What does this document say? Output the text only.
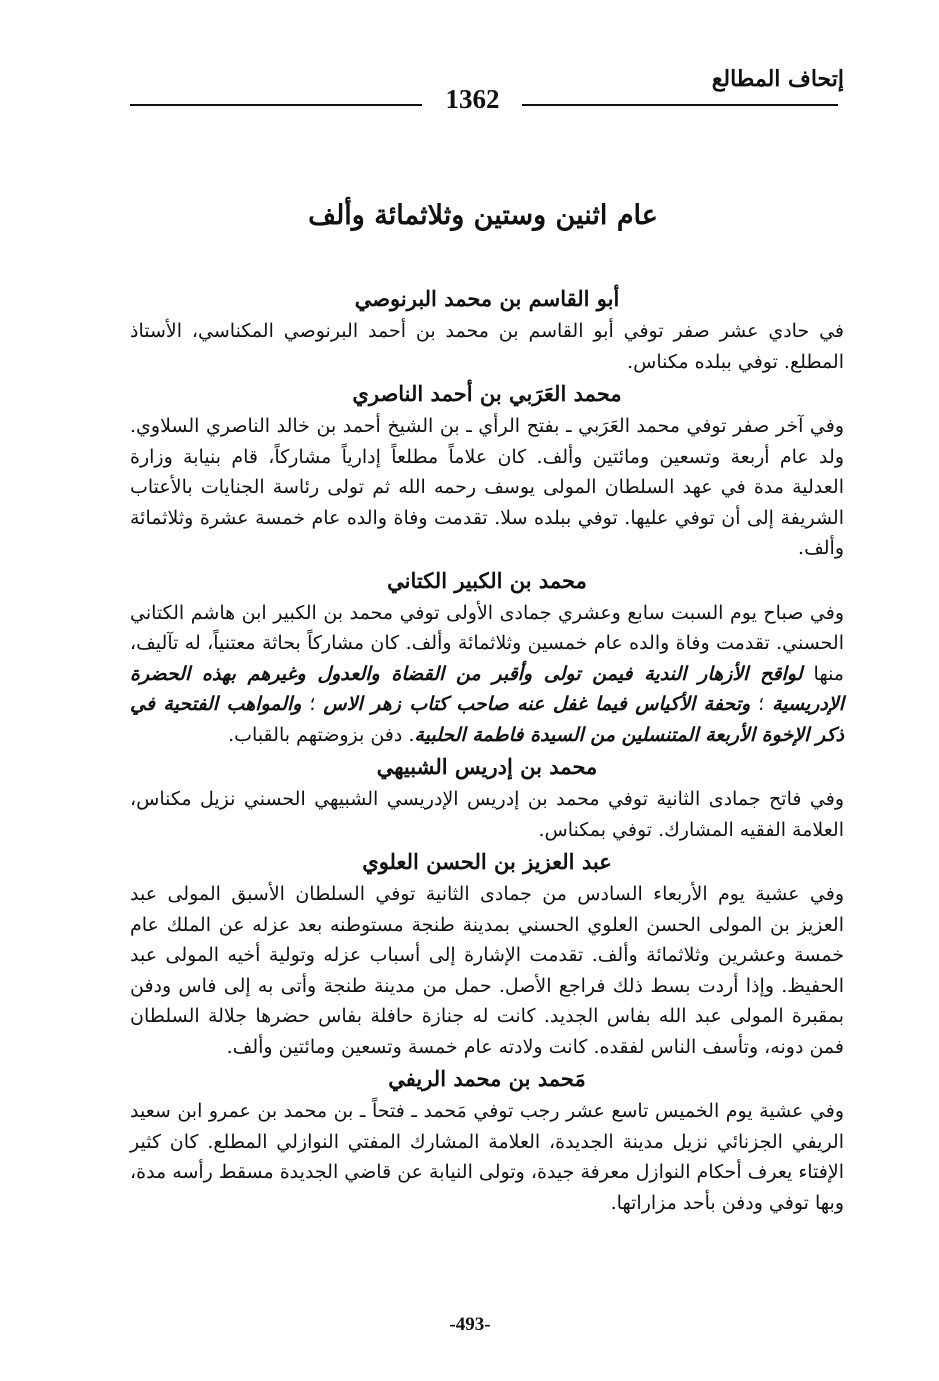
إتحاف المطالع
1362
عام اثنين وستين وثلاثمائة وألف

أبو القاسم بن محمد البرنوصي

في حادي عشر صفر توفي أبو القاسم بن محمد بن أحمد البرنوصي المكناسي، الأستاذ المطلع. توفي ببلده مكناس.

محمد العَرَبي بن أحمد الناصري

وفي آخر صفر توفي محمد العَرَبي ـ بفتح الرأي ـ بن الشيخ أحمد بن خالد الناصري السلاوي. ولد عام أربعة وتسعين ومائتين وألف. كان علاماً مطلعاً إدارياً مشاركاً، قام بنيابة وزارة العدلية مدة في عهد السلطان المولى يوسف رحمه الله ثم تولى رئاسة الجنايات بالأعتاب الشريفة إلى أن توفي عليها. توفي ببلده سلا. تقدمت وفاة والده عام خمسة عشرة وثلاثمائة وألف.

محمد بن الكبير الكتاني

وفي صباح يوم السبت سابع وعشري جمادى الأولى توفي محمد بن الكبير ابن هاشم الكتاني الحسني. تقدمت وفاة والده عام خمسين وثلاثمائة وألف. كان مشاركاً بحاثة معتنياً، له تآليف، منها لواقح الأزهار الندية فيمن تولى وأقبر من القضاة والعدول وغيرهم بهذه الحضرة الإدريسية ؛ وتحفة الأكياس فيما غفل عنه صاحب كتاب زهر الاس ؛ والمواهب الفتحية في ذكر الإخوة الأربعة المتنسلين من السيدة فاطمة الحلبية. دفن بزوضتهم بالقباب.

محمد بن إدريس الشبيهي

وفي فاتح جمادى الثانية توفي محمد بن إدريس الإدريسي الشبيهي الحسني نزيل مكناس، العلامة الفقيه المشارك. توفي بمكناس.

عبد العزيز بن الحسن العلوي

وفي عشية يوم الأربعاء السادس من جمادى الثانية توفي السلطان الأسبق المولى عبد العزيز بن المولى الحسن العلوي الحسني بمدينة طنجة مستوطنه بعد عزله عن الملك عام خمسة وعشرين وثلاثمائة وألف. تقدمت الإشارة إلى أسباب عزله وتولية أخيه المولى عبد الحفيظ. وإذا أردت بسط ذلك فراجع الأصل. حمل من مدينة طنجة وأتى به إلى فاس ودفن بمقبرة المولى عبد الله بفاس الجديد. كانت له جنازة حافلة بفاس حضرها جلالة السلطان فمن دونه، وتأسف الناس لفقده. كانت ولادته عام خمسة وتسعين ومائتين وألف.

مَحمد بن محمد الريفي

وفي عشية يوم الخميس تاسع عشر رجب توفي مَحمد ـ فتحاً ـ بن محمد بن عمرو ابن سعيد الريفي الجزنائي نزيل مدينة الجديدة، العلامة المشارك المفتي النوازلي المطلع. كان كثير الإفتاء يعرف أحكام النوازل معرفة جيدة، وتولى النيابة عن قاضي الجديدة مسقط رأسه مدة، وبها توفي ودفن بأحد مزاراتها.

-493-
